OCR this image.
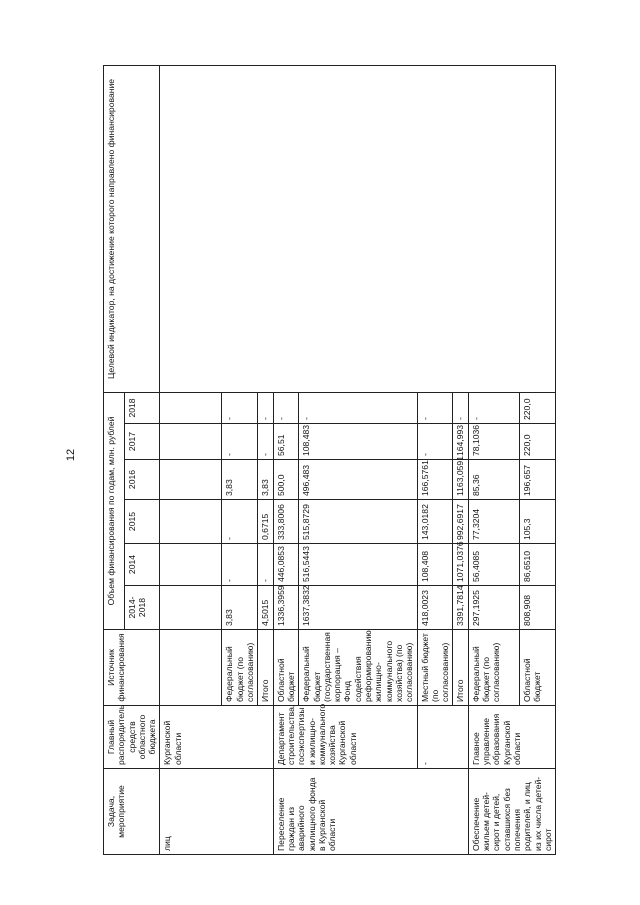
12
Задача, мероприятие	Главный распорядитель средств областного бюджета	Источник финансирования	Объем финансирования по годам, млн. рублей						Целевой индикатор, на достижение которого направлено финансирование
			2014-2018	2014	2015	2016	2017	2018	
лиц	Курганской области								
		Федеральный бюджет (по согласованию)	3,83	-	-	3,83	-	-	
		Итого	4,5015	-	0,6715	3,83	-	-	
Переселение граждан из аварийного жилищного фонда в Курганской области	Департамент строительства, госэкспертизы и жилищно-коммунального хозяйства Курганской области	Областной бюджет	1336,3959	446,0853	333,8006	500,0	56,51	-	
		Федеральный бюджет (государственная корпорация – Фонд содействия реформированию жилищно-коммунального хозяйства) (по согласованию)	1637,3832	516,5443	515,8729	496,483	108,483	-	
	-	Местный бюджет (по согласованию)	418,0023	108,408	143,0182	166,5761	-	-	
		Итого	3391,7814	1071,0376	992,6917	1163,0591	164,993	-	
Обеспечение жильем детей-сирот и детей, оставшихся без попечения родителей, и лиц из их числа детей-сирот	Главное управление образования Курганской области	Федеральный бюджет (по согласованию)	297,1925	56,4085	77,3204	85,36	78,1036	-	
		Областной бюджет	808,908	86,6510	105,3	196,657	220,0	220,0	
